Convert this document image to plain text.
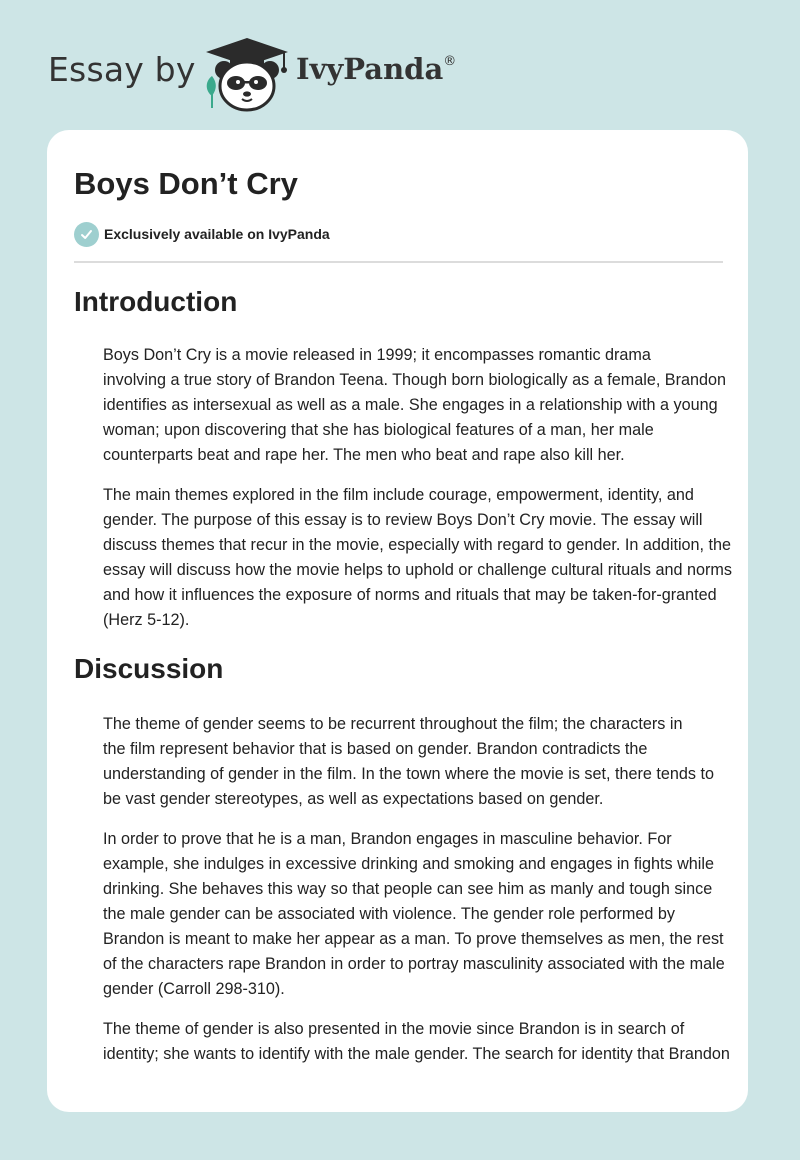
Essay by	IvyPanda®
Boys Don’t Cry
Exclusively available on IvyPanda
Introduction

Boys Don’t Cry is a movie released in 1999; it encompasses romantic drama
involving a true story of Brandon Teena. Though born biologically as a female, Brandon
identifies as intersexual as well as a male. She engages in a relationship with a young
woman; upon discovering that she has biological features of a man, her male
counterparts beat and rape her. The men who beat and rape also kill her.

The main themes explored in the film include courage, empowerment, identity, and
gender. The purpose of this essay is to review Boys Don’t Cry movie. The essay will
discuss themes that recur in the movie, especially with regard to gender. In addition, the
essay will discuss how the movie helps to uphold or challenge cultural rituals and norms
and how it influences the exposure of norms and rituals that may be taken-for-granted
(Herz 5-12).

Discussion

The theme of gender seems to be recurrent throughout the film; the characters in
the film represent behavior that is based on gender. Brandon contradicts the
understanding of gender in the film. In the town where the movie is set, there tends to
be vast gender stereotypes, as well as expectations based on gender.

In order to prove that he is a man, Brandon engages in masculine behavior. For
example, she indulges in excessive drinking and smoking and engages in fights while
drinking. She behaves this way so that people can see him as manly and tough since
the male gender can be associated with violence. The gender role performed by
Brandon is meant to make her appear as a man. To prove themselves as men, the rest
of the characters rape Brandon in order to portray masculinity associated with the male
gender (Carroll 298-310).

The theme of gender is also presented in the movie since Brandon is in search of
identity; she wants to identify with the male gender. The search for identity that Brandon
